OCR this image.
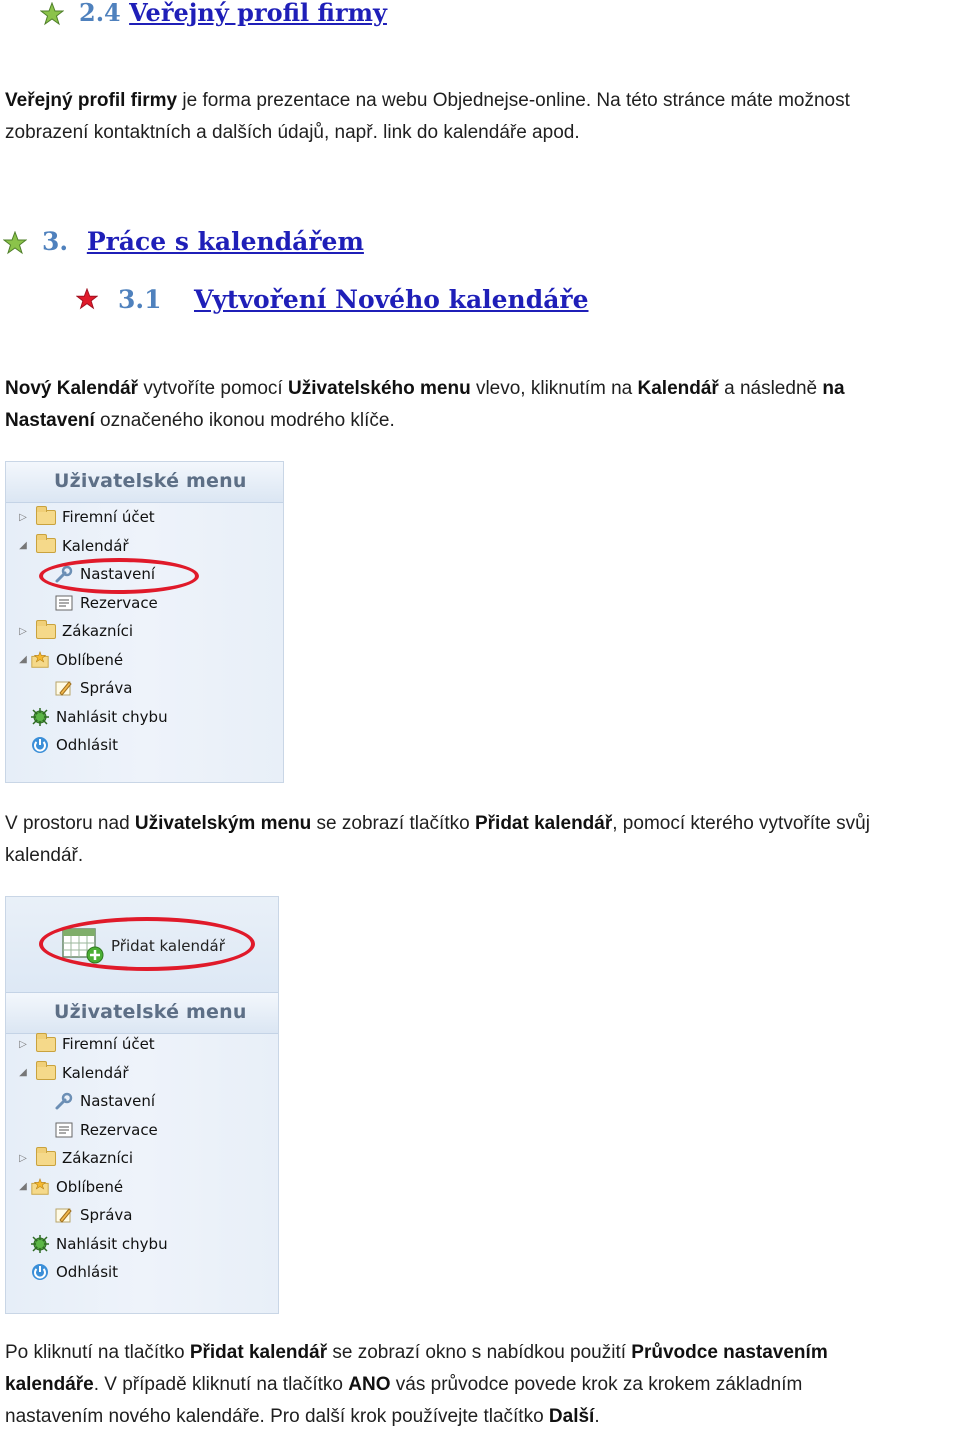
2.4 Veřejný profil firmy
Veřejný profil firmy je forma prezentace na webu Objednejse-online. Na této stránce máte možnost
zobrazení kontaktních a dalších údajů, např. link do kalendáře apod.
3. Práce s kalendářem
3.1 Vytvoření Nového kalendáře
Nový Kalendář vytvoříte pomocí Uživatelského menu vlevo, kliknutím na Kalendář a následně na
Nastavení označeného ikonou modrého klíče.
Uživatelské menu
▷ Firemní účet
◢ Kalendář
Nastavení
Rezervace
▷ Zákazníci
◢ Oblíbené
Správa
Nahlásit chybu
Odhlásit
V prostoru nad Uživatelským menu se zobrazí tlačítko Přidat kalendář, pomocí kterého vytvoříte svůj
kalendář.
Přidat kalendář
Uživatelské menu
▷ Firemní účet
◢ Kalendář
Nastavení
Rezervace
▷ Zákazníci
◢ Oblíbené
Správa
Nahlásit chybu
Odhlásit
Po kliknutí na tlačítko Přidat kalendář se zobrazí okno s nabídkou použití Průvodce nastavením
kalendáře. V případě kliknutí na tlačítko ANO vás průvodce povede krok za krokem základním
nastavením nového kalendáře. Pro další krok používejte tlačítko Další.
